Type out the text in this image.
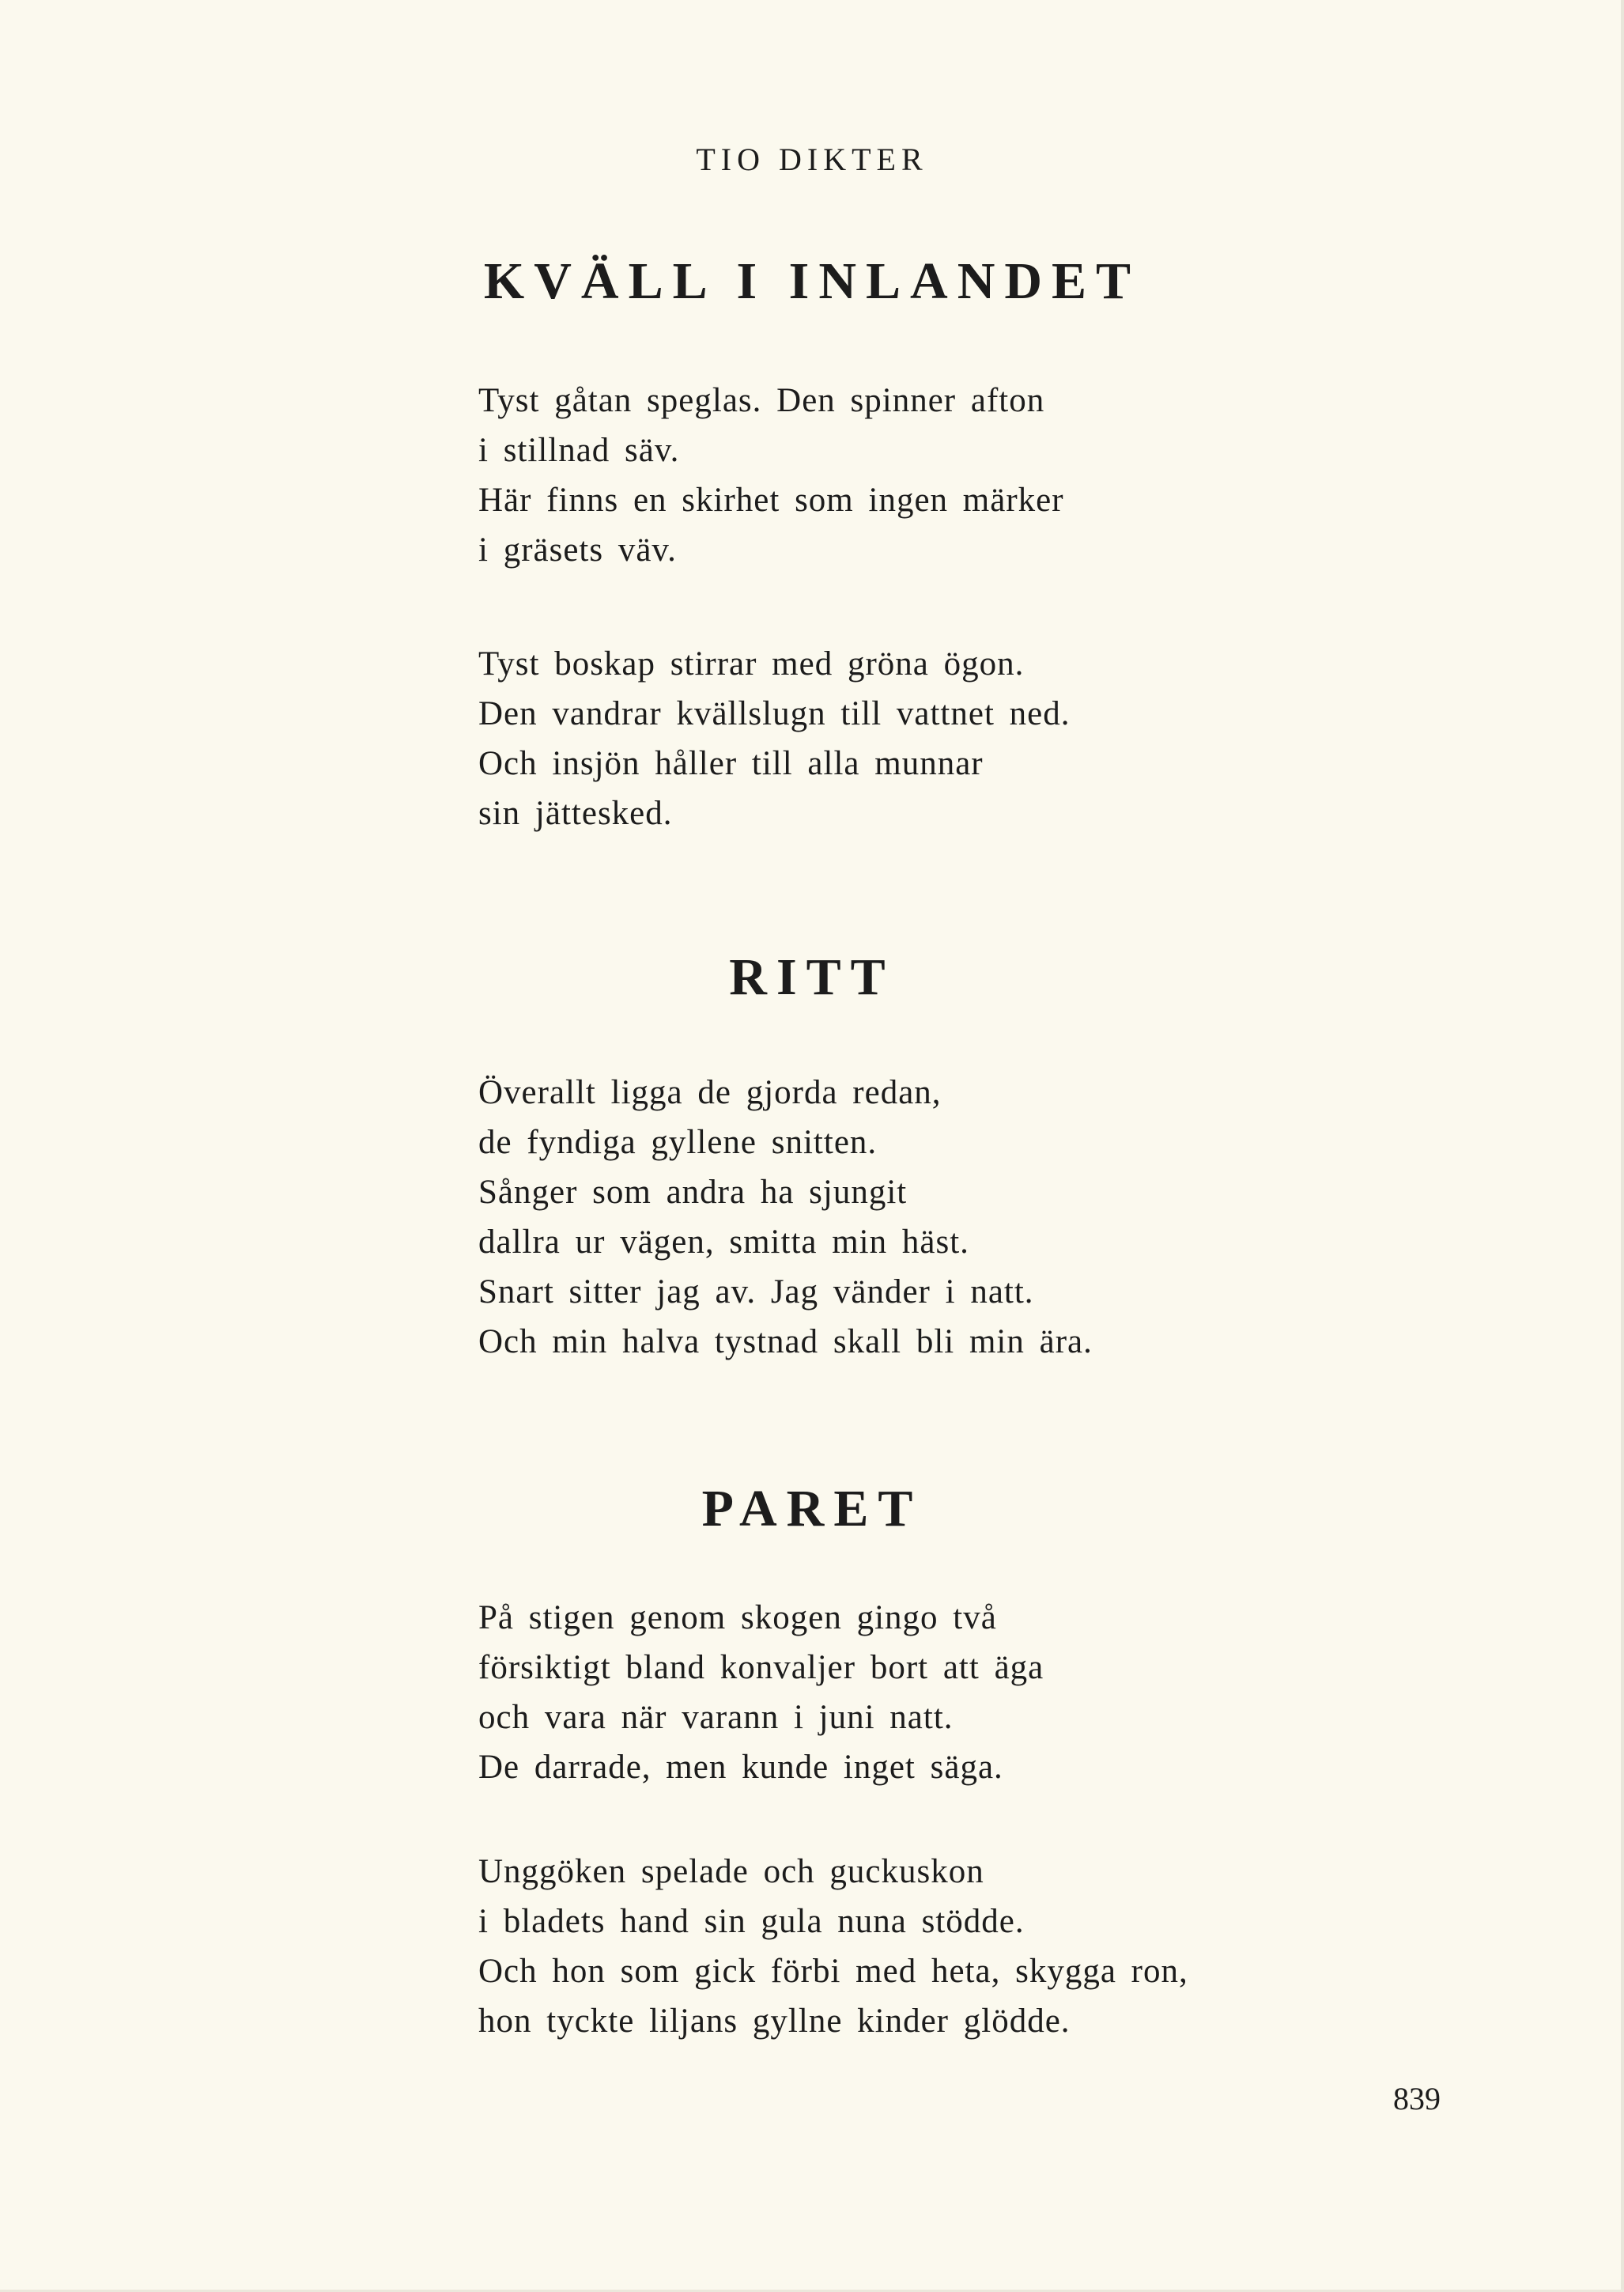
TIO DIKTER
KVÄLL I INLANDET
Tyst gåtan speglas. Den spinner afton
i stillnad säv.
Här finns en skirhet som ingen märker
i gräsets väv.
Tyst boskap stirrar med gröna ögon.
Den vandrar kvällslugn till vattnet ned.
Och insjön håller till alla munnar
sin jättesked.
RITT
Överallt ligga de gjorda redan,
de fyndiga gyllene snitten.
Sånger som andra ha sjungit
dallra ur vägen, smitta min häst.
Snart sitter jag av. Jag vänder i natt.
Och min halva tystnad skall bli min ära.
PARET
På stigen genom skogen gingo två
försiktigt bland konvaljer bort att äga
och vara när varann i juni natt.
De darrade, men kunde inget säga.
Unggöken spelade och guckuskon
i bladets hand sin gula nuna stödde.
Och hon som gick förbi med heta, skygga ron,
hon tyckte liljans gyllne kinder glödde.
839
